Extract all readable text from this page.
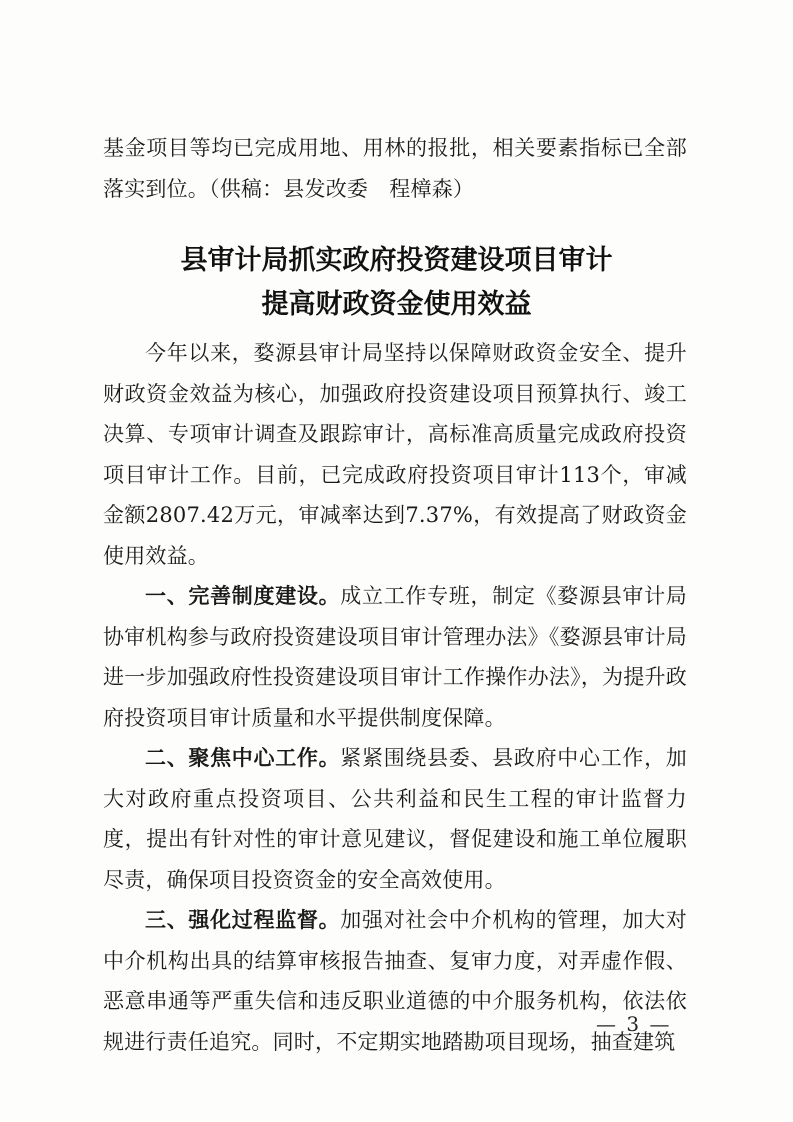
基金项目等均已完成用地、用林的报批，相关要素指标已全部落实到位。（供稿：县发改委　程樟森）

县审计局抓实政府投资建设项目审计
提高财政资金使用效益

今年以来，婺源县审计局坚持以保障财政资金安全、提升财政资金效益为核心，加强政府投资建设项目预算执行、竣工决算、专项审计调查及跟踪审计，高标准高质量完成政府投资项目审计工作。目前，已完成政府投资项目审计113个，审减金额2807.42万元，审减率达到7.37%，有效提高了财政资金使用效益。

一、完善制度建设。成立工作专班，制定《婺源县审计局协审机构参与政府投资建设项目审计管理办法》《婺源县审计局进一步加强政府性投资建设项目审计工作操作办法》，为提升政府投资项目审计质量和水平提供制度保障。

二、聚焦中心工作。紧紧围绕县委、县政府中心工作，加大对政府重点投资项目、公共利益和民生工程的审计监督力度，提出有针对性的审计意见建议，督促建设和施工单位履职尽责，确保项目投资资金的安全高效使用。

三、强化过程监督。加强对社会中介机构的管理，加大对中介机构出具的结算审核报告抽查、复审力度，对弄虚作假、恶意串通等严重失信和违反职业道德的中介服务机构，依法依规进行责任追究。同时，不定期实地踏勘项目现场，抽查建筑

— 3 —
